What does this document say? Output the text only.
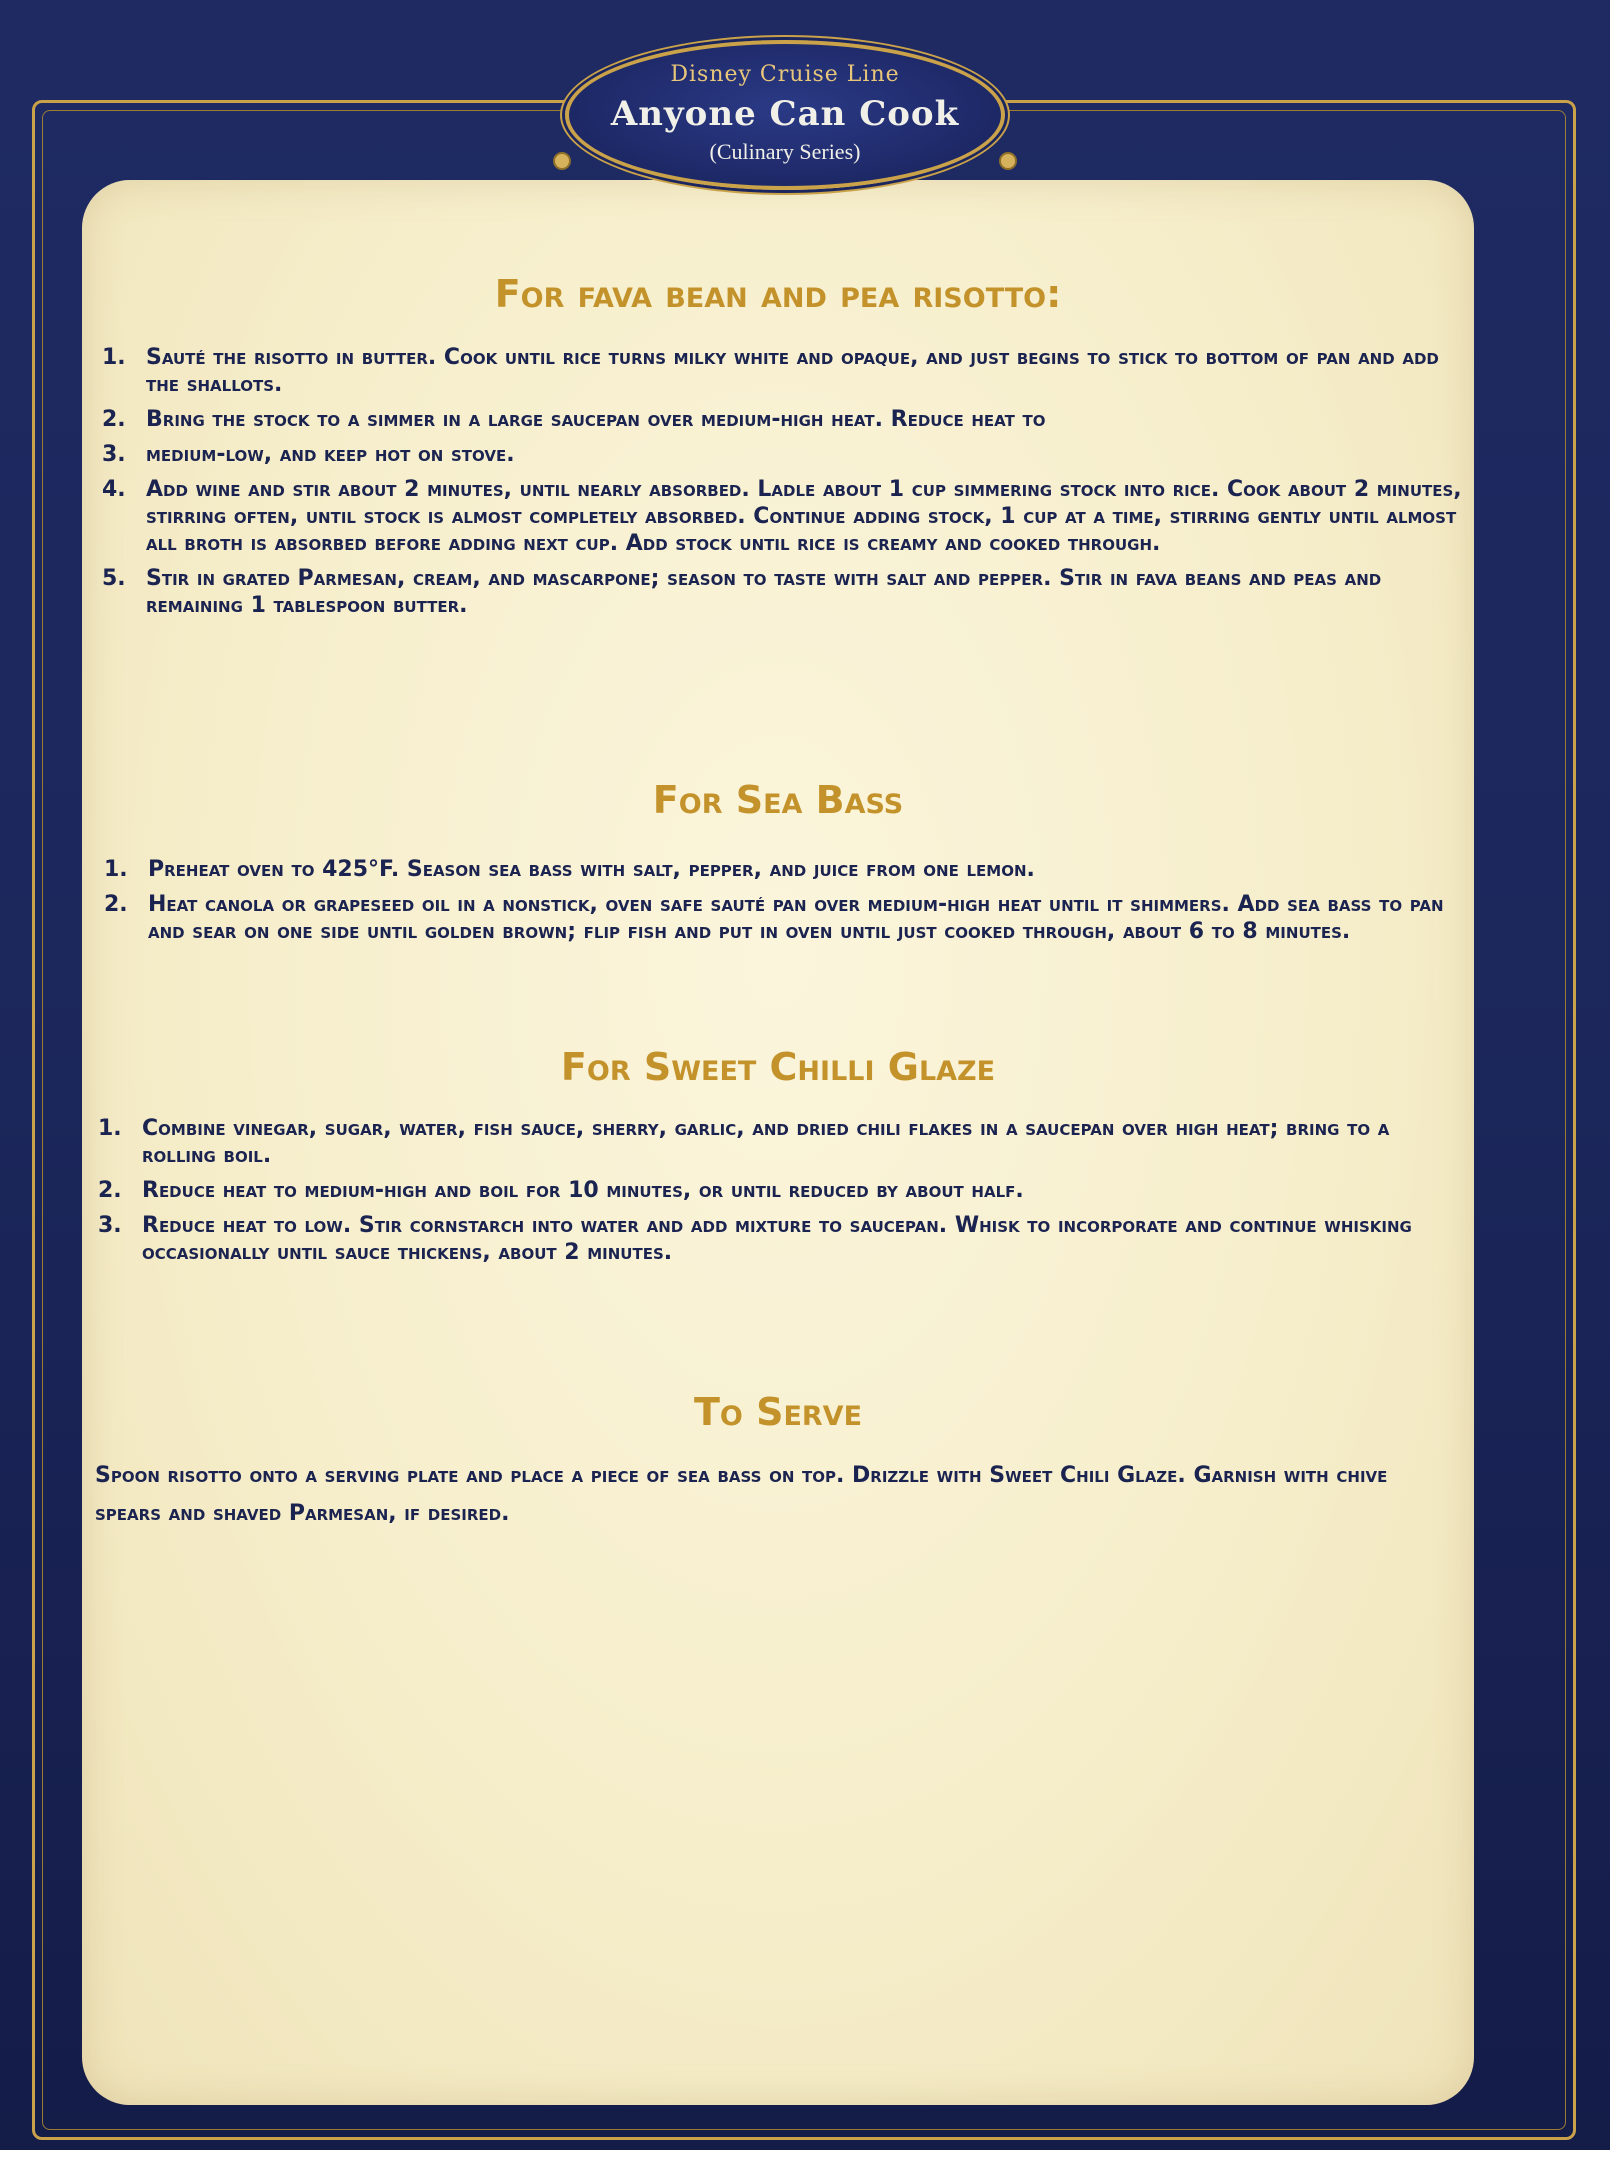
Disney Cruise Line
Anyone Can Cook
(Culinary Series)
For fava bean and pea risotto:
1. Sauté the risotto in butter. Cook until rice turns milky white and opaque, and just begins to stick to bottom of pan and add the shallots.
2. Bring the stock to a simmer in a large saucepan over medium-high heat. Reduce heat to
3. medium-low, and keep hot on stove.
4. Add wine and stir about 2 minutes, until nearly absorbed. Ladle about 1 cup simmering stock into rice. Cook about 2 minutes, stirring often, until stock is almost completely absorbed. Continue adding stock, 1 cup at a time, stirring gently until almost all broth is absorbed before adding next cup. Add stock until rice is creamy and cooked through.
5. Stir in grated Parmesan, cream, and mascarpone; season to taste with salt and pepper. Stir in fava beans and peas and remaining 1 tablespoon butter.
For Sea Bass
1. Preheat oven to 425°F. Season sea bass with salt, pepper, and juice from one lemon.
2. Heat canola or grapeseed oil in a nonstick, oven safe sauté pan over medium-high heat until it shimmers. Add sea bass to pan and sear on one side until golden brown; flip fish and put in oven until just cooked through, about 6 to 8 minutes.
For Sweet Chilli Glaze
1. Combine vinegar, sugar, water, fish sauce, sherry, garlic, and dried chili flakes in a saucepan over high heat; bring to a rolling boil.
2. Reduce heat to medium-high and boil for 10 minutes, or until reduced by about half.
3. Reduce heat to low. Stir cornstarch into water and add mixture to saucepan. Whisk to incorporate and continue whisking occasionally until sauce thickens, about 2 minutes.
To Serve

Spoon risotto onto a serving plate and place a piece of sea bass on top. Drizzle with Sweet Chili Glaze. Garnish with chive spears and shaved Parmesan, if desired.
